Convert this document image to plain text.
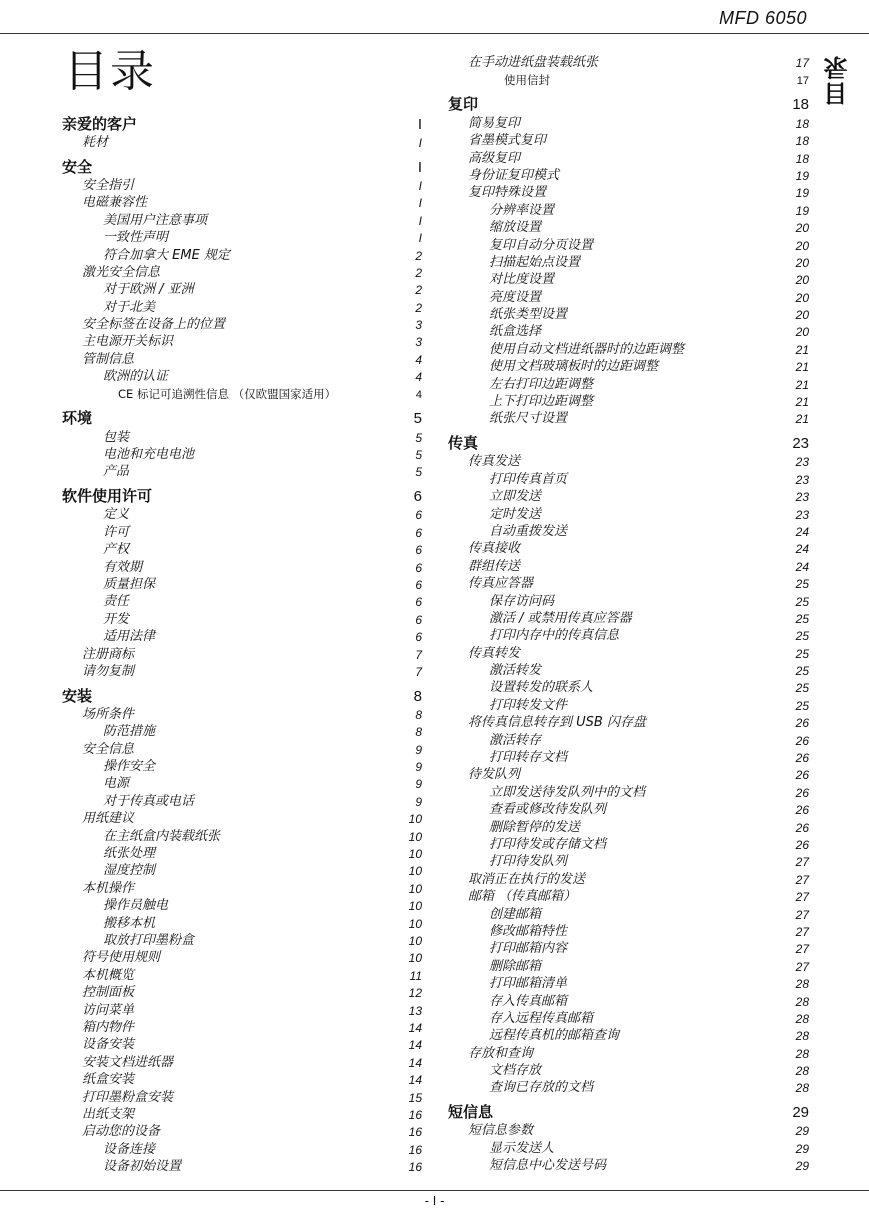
MFD 6050
目录
目录
亲爱的客户	I
耗材	I
安全	I
安全指引	I
电磁兼容性	I
美国用户注意事项	I
一致性声明	I
符合加拿大 EME 规定	2
激光安全信息	2
对于欧洲 / 亚洲	2
对于北美	2
安全标签在设备上的位置	3
主电源开关标识	3
管制信息	4
欧洲的认证	4
CE 标记可追溯性信息 （仅欧盟国家适用）	4
环境	5
包装	5
电池和充电电池	5
产品	5
软件使用许可	6
定义	6
许可	6
产权	6
有效期	6
质量担保	6
责任	6
开发	6
适用法律	6
注册商标	7
请勿复制	7
安装	8
场所条件	8
防范措施	8
安全信息	9
操作安全	9
电源	9
对于传真或电话	9
用纸建议	10
在主纸盒内装载纸张	10
纸张处理	10
湿度控制	10
本机操作	10
操作员触电	10
搬移本机	10
取放打印墨粉盒	10
符号使用规则	10
本机概览	11
控制面板	12
访问菜单	13
箱内物件	14
设备安装	14
安装文档进纸器	14
纸盒安装	14
打印墨粉盒安装	15
出纸支架	16
启动您的设备	16
设备连接	16
设备初始设置	16
在手动进纸盘装载纸张	17
使用信封	17
复印	18
简易复印	18
省墨模式复印	18
高级复印	18
身份证复印模式	19
复印特殊设置	19
分辨率设置	19
缩放设置	20
复印自动分页设置	20
扫描起始点设置	20
对比度设置	20
亮度设置	20
纸张类型设置	20
纸盒选择	20
使用自动文档进纸器时的边距调整	21
使用文档玻璃板时的边距调整	21
左右打印边距调整	21
上下打印边距调整	21
纸张尺寸设置	21
传真	23
传真发送	23
打印传真首页	23
立即发送	23
定时发送	23
自动重拨发送	24
传真接收	24
群组传送	24
传真应答器	25
保存访问码	25
激活 / 或禁用传真应答器	25
打印内存中的传真信息	25
传真转发	25
激活转发	25
设置转发的联系人	25
打印转发文件	25
将传真信息转存到 USB 闪存盘	26
激活转存	26
打印转存文档	26
待发队列	26
立即发送待发队列中的文档	26
查看或修改待发队列	26
删除暂停的发送	26
打印待发或存储文档	26
打印待发队列	27
取消正在执行的发送	27
邮箱 （传真邮箱）	27
创建邮箱	27
修改邮箱特性	27
打印邮箱内容	27
删除邮箱	27
打印邮箱清单	28
存入传真邮箱	28
存入远程传真邮箱	28
远程传真机的邮箱查询	28
存放和查询	28
文档存放	28
查询已存放的文档	28
短信息	29
短信息参数	29
显示发送人	29
短信息中心发送号码	29
- I -
